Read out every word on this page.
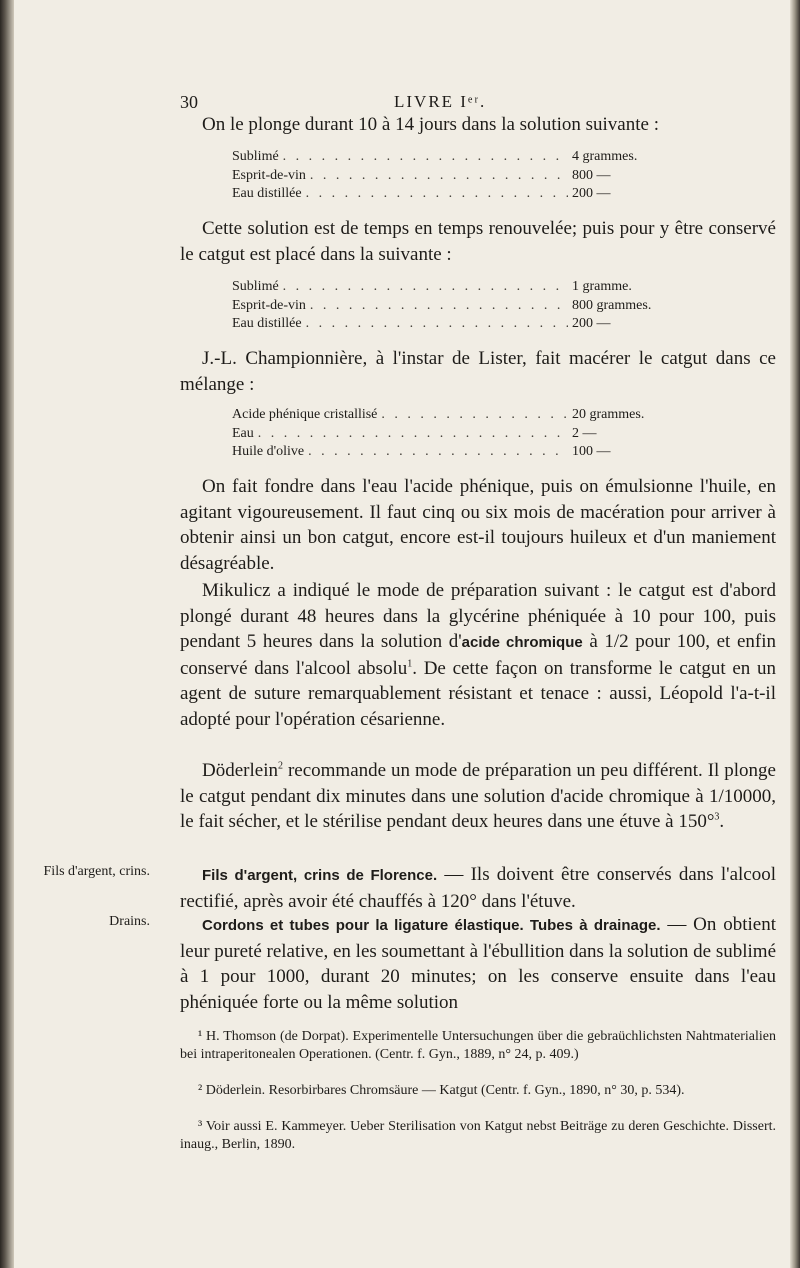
30	LIVRE Iᵉʳ.

On le plonge durant 10 à 14 jours dans la solution suivante :

Sublimé . . .	4 grammes.
Esprit-de-vin . . .	800 —
Eau distillée . . .	200 —

Cette solution est de temps en temps renouvelée; puis pour y être conservé le catgut est placé dans la suivante :

Sublimé . . .	1 gramme.
Esprit-de-vin . . .	800 grammes.
Eau distillée . . .	200 —

J.-L. Championnière, à l'instar de Lister, fait macérer le catgut dans ce mélange :

Acide phénique cristallisé . . .	20 grammes.
Eau . . .	2 —
Huile d'olive . . .	100 —

On fait fondre dans l'eau l'acide phénique, puis on émulsionne l'huile, en agitant vigoureusement. Il faut cinq ou six mois de macération pour arriver à obtenir ainsi un bon catgut, encore est-il toujours huileux et d'un maniement désagréable.

Mikulicz a indiqué le mode de préparation suivant : le catgut est d'abord plongé durant 48 heures dans la glycérine phéniquée à 10 pour 100, puis pendant 5 heures dans la solution d'acide chromique à 1/2 pour 100, et enfin conservé dans l'alcool absolu$^1$. De cette façon on transforme le catgut en un agent de suture remarquablement résistant et tenace : aussi, Léopold l'a-t-il adopté pour l'opération césarienne.

Döderlein$^2$ recommande un mode de préparation un peu différent. Il plonge le catgut pendant dix minutes dans une solution d'acide chromique à 1/10000, le fait sécher, et le stérilise pendant deux heures dans une étuve à 150°$^3$.

Fils d'argent, crins.
Drains.

Fils d'argent, crins de Florence. — Ils doivent être conservés dans l'alcool rectifié, après avoir été chauffés à 120° dans l'étuve.

Cordons et tubes pour la ligature élastique. Tubes à drainage. — On obtient leur pureté relative, en les soumettant à l'ébullition dans la solution de sublimé à 1 pour 1000, durant 20 minutes; on les conserve ensuite dans l'eau phéniquée forte ou la même solution

¹ H. Thomson (de Dorpat). Experimentelle Untersuchungen über die gebraüchlichsten Nahtmaterialien bei intraperitonealen Operationen. (Centr. f. Gyn., 1889, n° 24, p. 409.)

² Döderlein. Resorbirbares Chromsäure — Katgut (Centr. f. Gyn., 1890, n° 30, p. 534).

³ Voir aussi E. Kammeyer. Ueber Sterilisation von Katgut nebst Beiträge zu deren Geschichte. Dissert. inaug., Berlin, 1890.
